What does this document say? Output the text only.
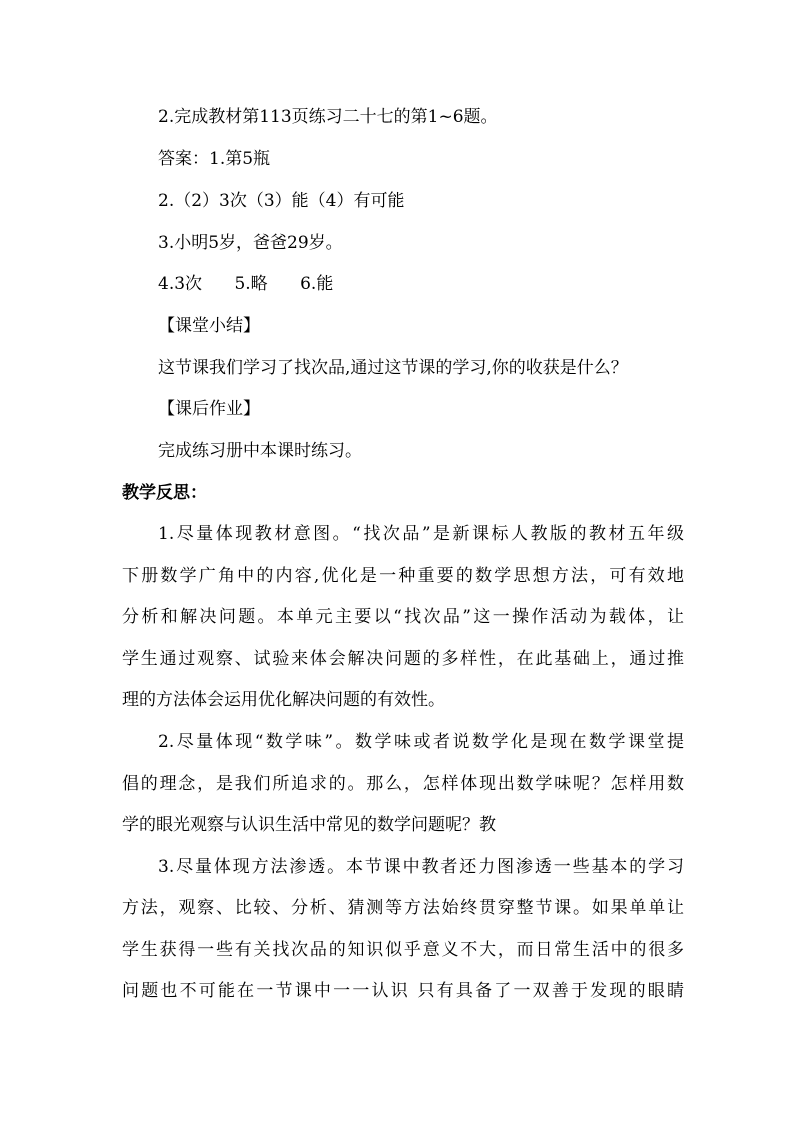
2.完成教材第113页练习二十七的第1~6题。
答案：1.第5瓶
2.（2）3次（3）能（4）有可能
3.小明5岁，爸爸29岁。
4.3次      5.略      6.能
【课堂小结】
这节课我们学习了找次品,通过这节课的学习,你的收获是什么？
【课后作业】
完成练习册中本课时练习。
教学反思：
1.尽量体现教材意图。“找次品”是新课标人教版的教材五年级
下册数学广角中的内容,优化是一种重要的数学思想方法，可有效地
分析和解决问题。本单元主要以“找次品”这一操作活动为载体，让
学生通过观察、试验来体会解决问题的多样性，在此基础上，通过推
理的方法体会运用优化解决问题的有效性。
2.尽量体现“数学味”。数学味或者说数学化是现在数学课堂提
倡的理念，是我们所追求的。那么，怎样体现出数学味呢？怎样用数
学的眼光观察与认识生活中常见的数学问题呢？教
3.尽量体现方法渗透。本节课中教者还力图渗透一些基本的学习
方法，观察、比较、分析、猜测等方法始终贯穿整节课。如果单单让
学生获得一些有关找次品的知识似乎意义不大，而日常生活中的很多
问题也不可能在一节课中一一认识 只有具备了一双善于发现的眼睛
